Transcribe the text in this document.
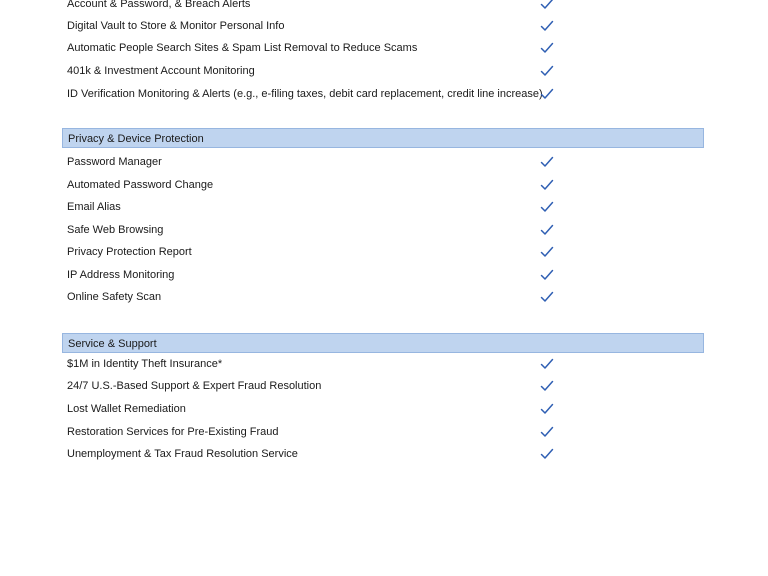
Account & Password, & Breach Alerts
Digital Vault to Store & Monitor Personal Info
Automatic People Search Sites & Spam List Removal to Reduce Scams
401k & Investment Account Monitoring
ID Verification Monitoring & Alerts (e.g., e-filing taxes, debit card replacement, credit line increase)
Privacy & Device Protection
Password Manager
Automated Password Change
Email Alias
Safe Web Browsing
Privacy Protection Report
IP Address Monitoring
Online Safety Scan
Service & Support
$1M in Identity Theft Insurance*
24/7 U.S.-Based Support & Expert Fraud Resolution
Lost Wallet Remediation
Restoration Services for Pre-Existing Fraud
Unemployment & Tax Fraud Resolution Service
